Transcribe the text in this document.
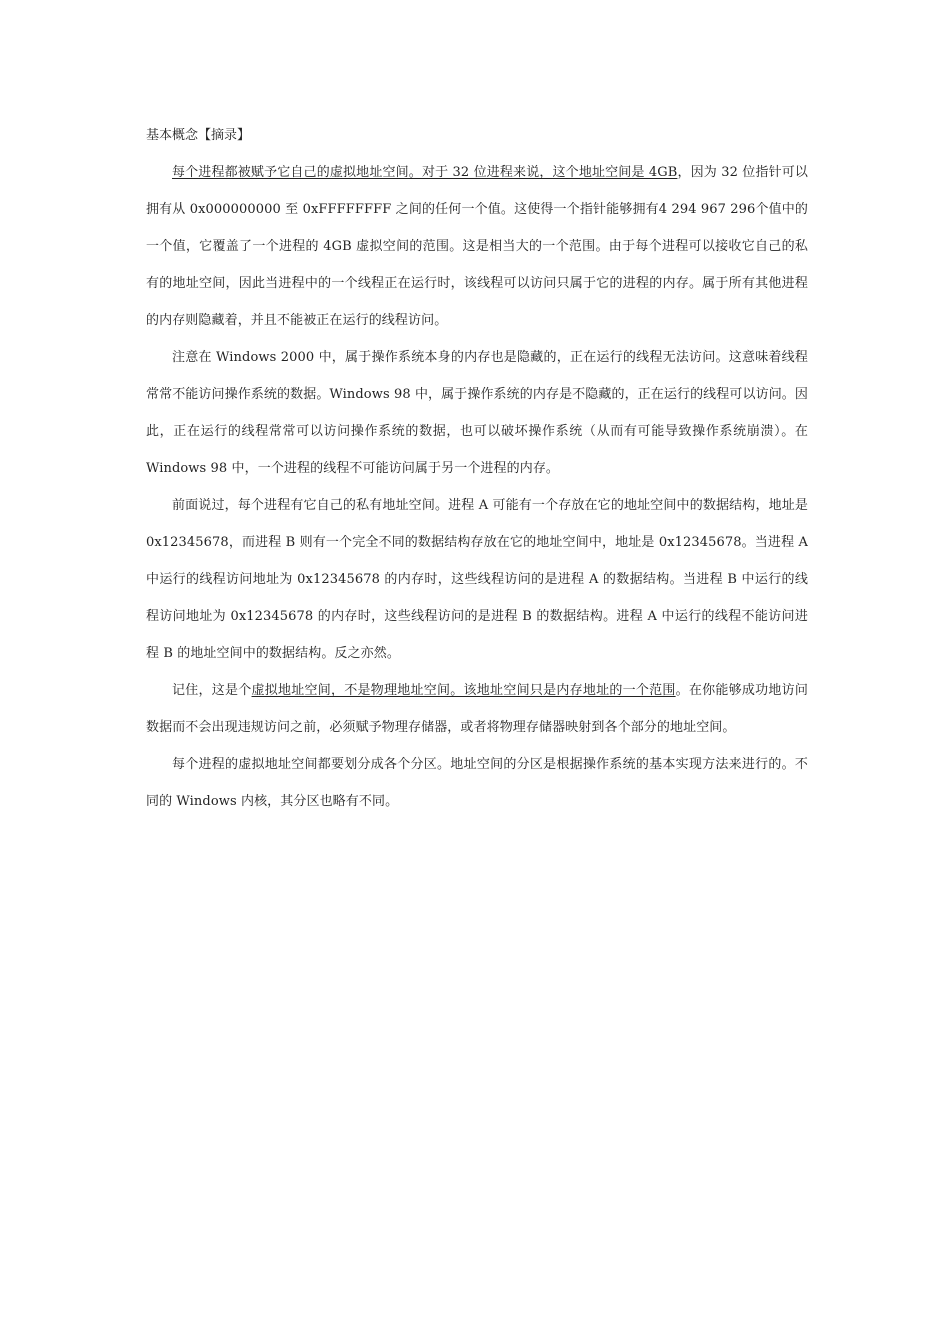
基本概念【摘录】

每个进程都被赋予它自己的虚拟地址空间。对于 32 位进程来说，这个地址空间是 4GB，因为 32 位指针可以拥有从 0x000000000 至 0xFFFFFFFF 之间的任何一个值。这使得一个指针能够拥有4 294 967 296个值中的一个值，它覆盖了一个进程的 4GB 虚拟空间的范围。这是相当大的一个范围。由于每个进程可以接收它自己的私有的地址空间，因此当进程中的一个线程正在运行时，该线程可以访问只属于它的进程的内存。属于所有其他进程的内存则隐藏着，并且不能被正在运行的线程访问。

注意在 Windows 2000 中，属于操作系统本身的内存也是隐藏的，正在运行的线程无法访问。这意味着线程常常不能访问操作系统的数据。Windows 98 中，属于操作系统的内存是不隐藏的，正在运行的线程可以访问。因此，正在运行的线程常常可以访问操作系统的数据，也可以破坏操作系统（从而有可能导致操作系统崩溃）。在 Windows 98 中，一个进程的线程不可能访问属于另一个进程的内存。

前面说过，每个进程有它自己的私有地址空间。进程 A 可能有一个存放在它的地址空间中的数据结构，地址是 0x12345678，而进程 B 则有一个完全不同的数据结构存放在它的地址空间中，地址是 0x12345678。当进程 A 中运行的线程访问地址为 0x12345678 的内存时，这些线程访问的是进程 A 的数据结构。当进程 B 中运行的线程访问地址为 0x12345678 的内存时，这些线程访问的是进程 B 的数据结构。进程 A 中运行的线程不能访问进程 B 的地址空间中的数据结构。反之亦然。

记住，这是个虚拟地址空间，不是物理地址空间。该地址空间只是内存地址的一个范围。在你能够成功地访问数据而不会出现违规访问之前，必须赋予物理存储器，或者将物理存储器映射到各个部分的地址空间。

每个进程的虚拟地址空间都要划分成各个分区。地址空间的分区是根据操作系统的基本实现方法来进行的。不同的 Windows 内核，其分区也略有不同。
